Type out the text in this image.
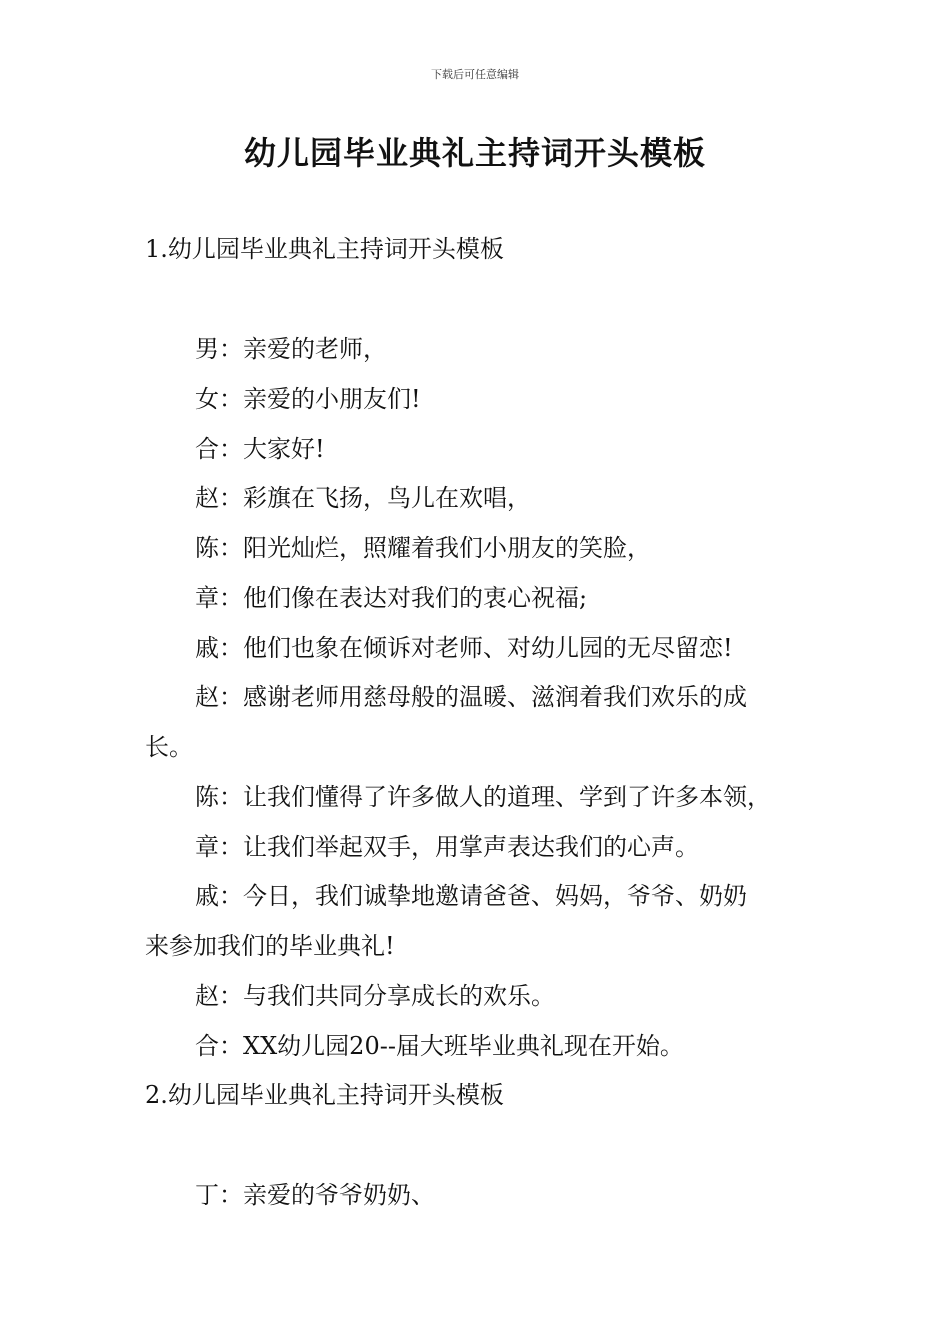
下载后可任意编辑
幼儿园毕业典礼主持词开头模板
1.幼儿园毕业典礼主持词开头模板
男：亲爱的老师，
女：亲爱的小朋友们!
合：大家好!
赵：彩旗在飞扬，鸟儿在欢唱，
陈：阳光灿烂，照耀着我们小朋友的笑脸，
章：他们像在表达对我们的衷心祝福;
戚：他们也象在倾诉对老师、对幼儿园的无尽留恋!
赵：感谢老师用慈母般的温暖、滋润着我们欢乐的成
长。
陈：让我们懂得了许多做人的道理、学到了许多本领，
章：让我们举起双手，用掌声表达我们的心声。
戚：今日，我们诚挚地邀请爸爸、妈妈，爷爷、奶奶
来参加我们的毕业典礼!
赵：与我们共同分享成长的欢乐。
合：XX幼儿园20--届大班毕业典礼现在开始。
2.幼儿园毕业典礼主持词开头模板
丁：亲爱的爷爷奶奶、
